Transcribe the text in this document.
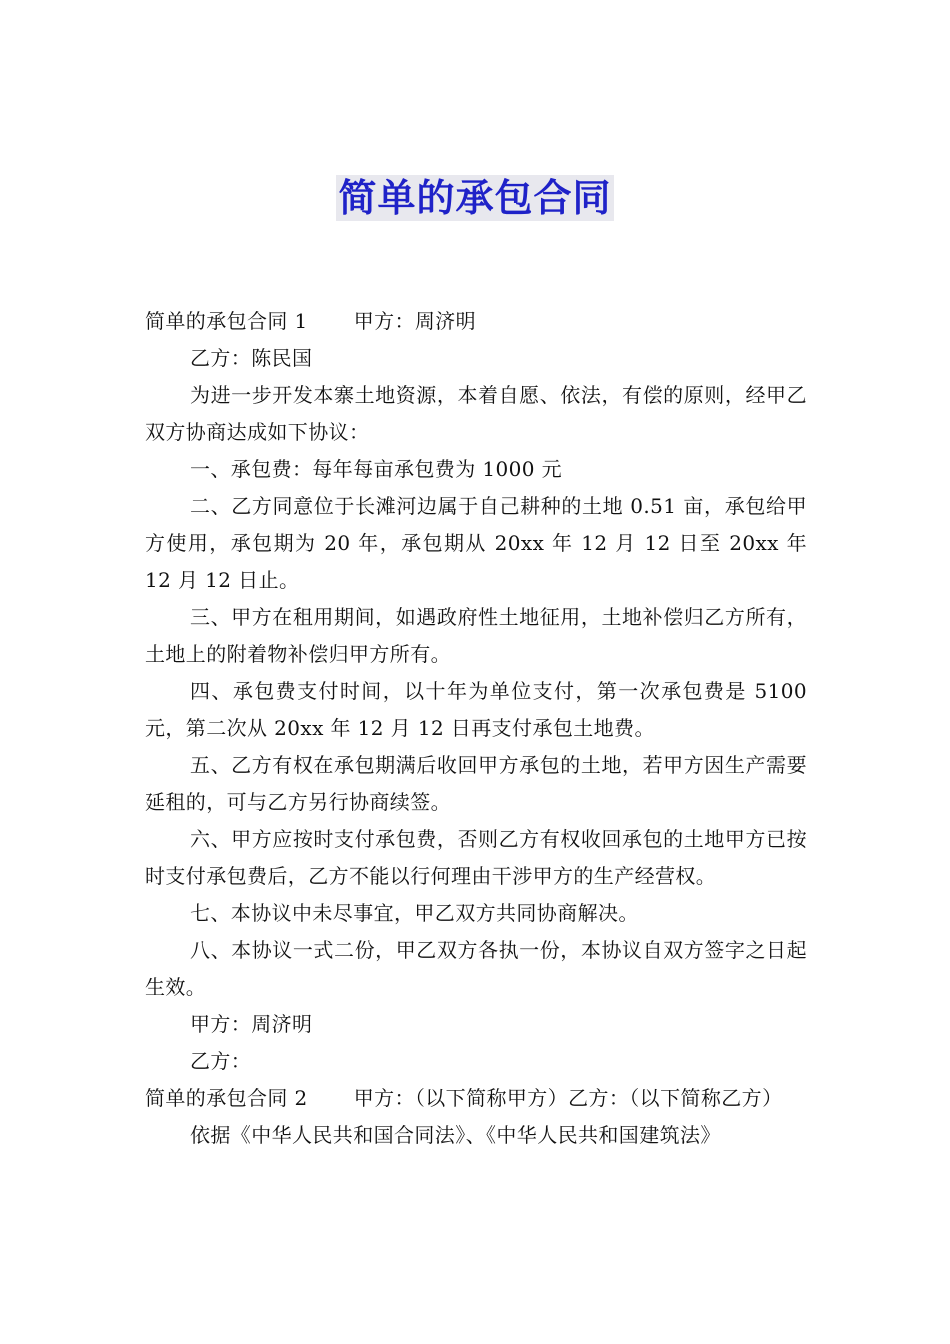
简单的承包合同

简单的承包合同 1 甲方：周济明

乙方：陈民国

为进一步开发本寨土地资源，本着自愿、依法，有偿的原则，经甲乙双方协商达成如下协议：

一、承包费：每年每亩承包费为 1000 元

二、乙方同意位于长滩河边属于自己耕种的土地 0.51 亩，承包给甲方使用，承包期为 20 年，承包期从 20xx 年 12 月 12 日至 20xx 年 12 月 12 日止。

三、甲方在租用期间，如遇政府性土地征用，土地补偿归乙方所有，土地上的附着物补偿归甲方所有。

四、承包费支付时间，以十年为单位支付，第一次承包费是 5100 元，第二次从 20xx 年 12 月 12 日再支付承包土地费。

五、乙方有权在承包期满后收回甲方承包的土地，若甲方因生产需要延租的，可与乙方另行协商续签。

六、甲方应按时支付承包费，否则乙方有权收回承包的土地甲方已按时支付承包费后，乙方不能以行何理由干涉甲方的生产经营权。

七、本协议中未尽事宜，甲乙双方共同协商解决。

八、本协议一式二份，甲乙双方各执一份，本协议自双方签字之日起生效。

甲方：周济明

乙方：

简单的承包合同 2 甲方：（以下简称甲方）乙方：（以下简称乙方）

依据《中华人民共和国合同法》、《中华人民共和国建筑法》
